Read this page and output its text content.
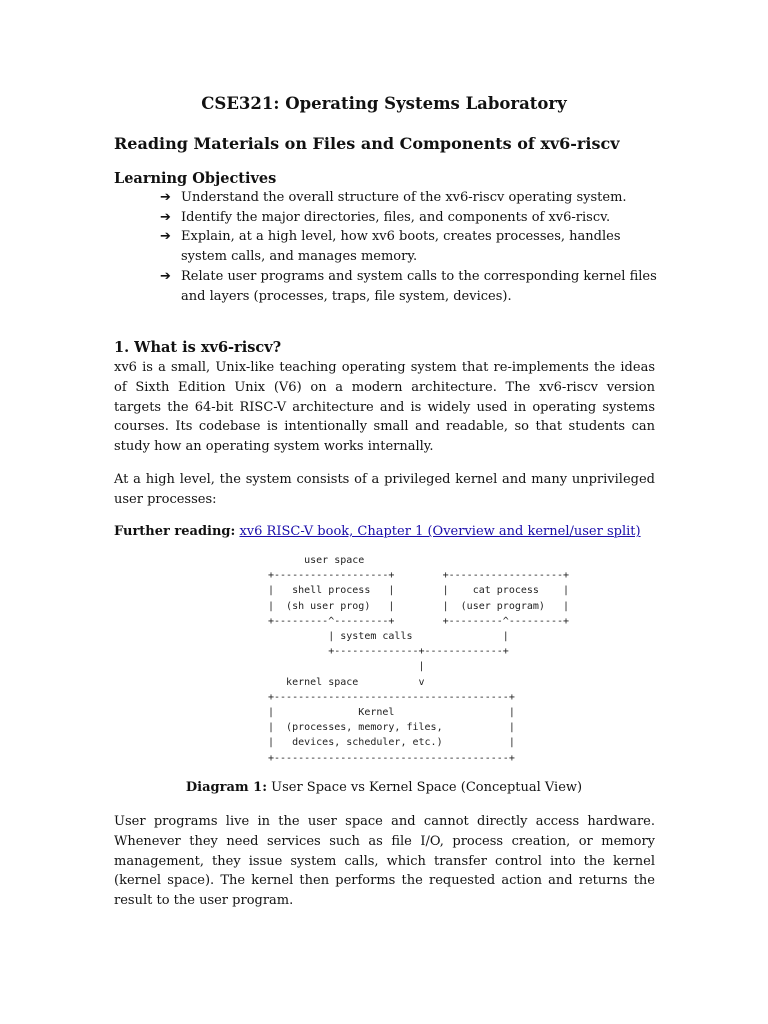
CSE321: Operating Systems Laboratory
Reading Materials on Files and Components of xv6-riscv
Learning Objectives
➔ Understand the overall structure of the xv6-riscv operating system.
➔ Identify the major directories, files, and components of xv6-riscv.
➔ Explain, at a high level, how xv6 boots, creates processes, handles system calls, and manages memory.
➔ Relate user programs and system calls to the corresponding kernel files and layers (processes, traps, file system, devices).
1. What is xv6-riscv?

xv6 is a small, Unix-like teaching operating system that re-implements the ideas of Sixth Edition Unix (V6) on a modern architecture. The xv6-riscv version targets the 64-bit RISC-V architecture and is widely used in operating systems courses. Its codebase is intentionally small and readable, so that students can study how an operating system works internally.

At a high level, the system consists of a privileged kernel and many unprivileged user processes:

Further reading: xv6 RISC-V book, Chapter 1 (Overview and kernel/user split)

user space
+-------------------+        +-------------------+
|   shell process   |        |    cat process    |
|  (sh user prog)   |        |  (user program)   |
+---------^---------+        +---------^---------+
| system calls               |
+--------------+-------------+
|
kernel space          v
+---------------------------------------+
|              Kernel                   |
|  (processes, memory, files,           |
|   devices, scheduler, etc.)           |
+---------------------------------------+

Diagram 1: User Space vs Kernel Space (Conceptual View)

User programs live in the user space and cannot directly access hardware. Whenever they need services such as file I/O, process creation, or memory management, they issue system calls, which transfer control into the kernel (kernel space). The kernel then performs the requested action and returns the result to the user program.
